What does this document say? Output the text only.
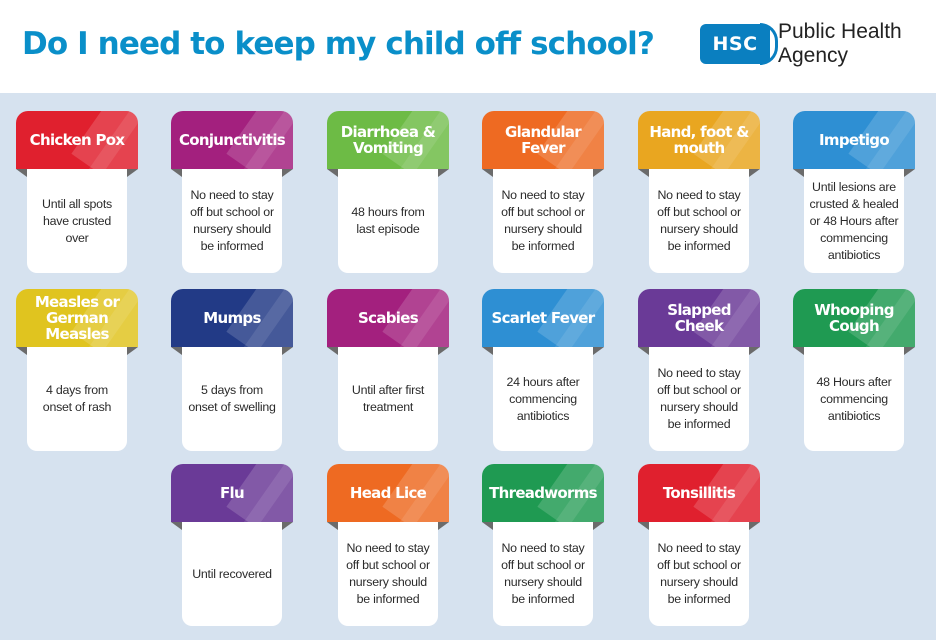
Do I need to keep my child off school?	HSC
Public Health
Agency
Chicken Pox
Until all spots have crusted over
Conjunctivitis
No need to stay off but school or nursery should be informed
Diarrhoea & Vomiting
48 hours from last episode
Glandular Fever
No need to stay off but school or nursery should be informed
Hand, foot & mouth
No need to stay off but school or nursery should be informed
Impetigo
Until lesions are crusted & healed or 48 Hours after commencing antibiotics
Measles or German Measles
4 days from onset of rash
Mumps
5 days from onset of swelling
Scabies
Until after first treatment
Scarlet Fever
24 hours after commencing antibiotics
Slapped Cheek
No need to stay off but school or nursery should be informed
Whooping Cough
48 Hours after commencing antibiotics
Flu
Until recovered
Head Lice
No need to stay off but school or nursery should be informed
Threadworms
No need to stay off but school or nursery should be informed
Tonsillitis
No need to stay off but school or nursery should be informed
